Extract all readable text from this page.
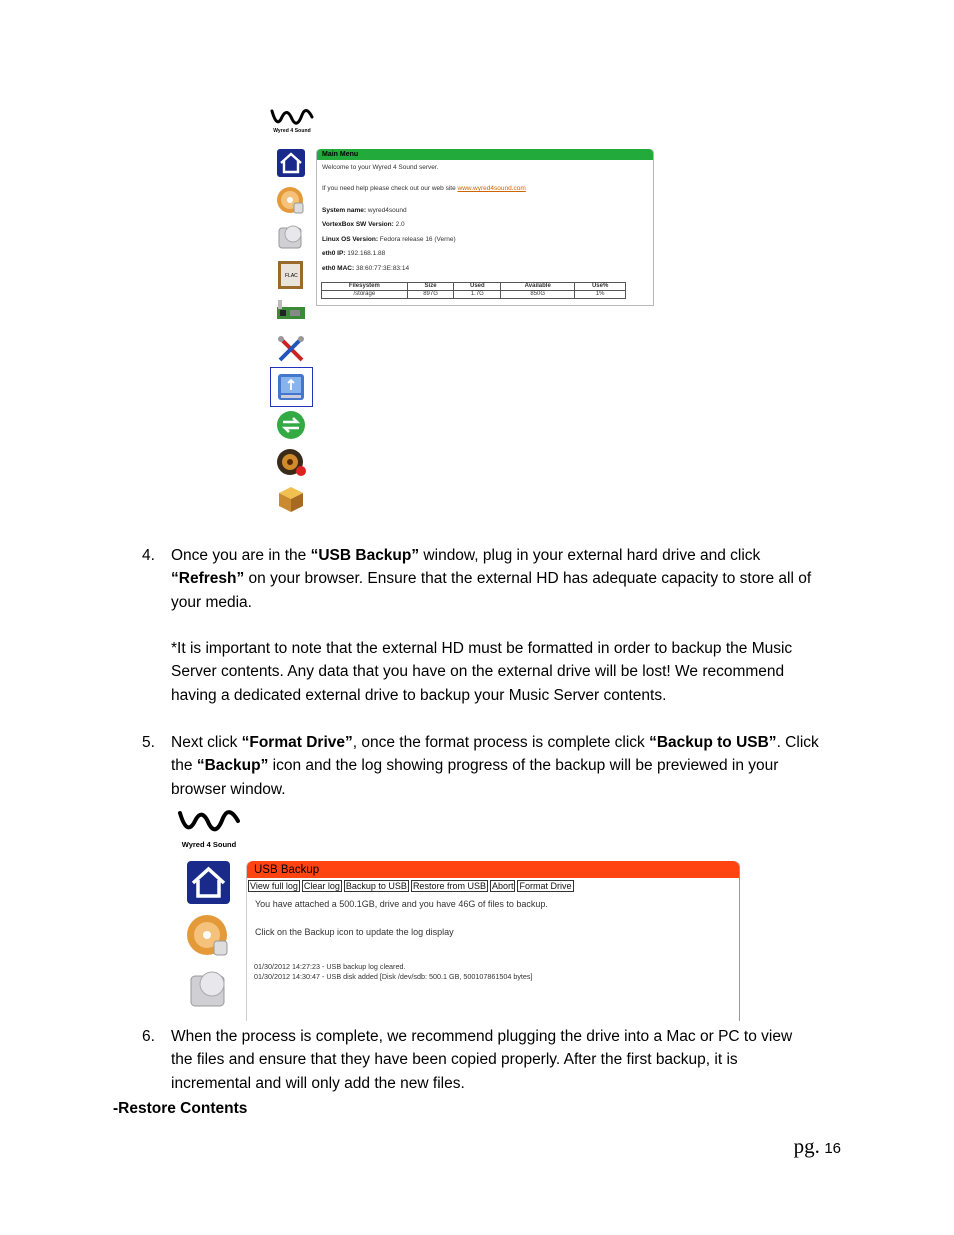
Wyred 4 Sound
FLAC
Main Menu
Welcome to your Wyred 4 Sound server.
If you need help please check out our web site www.wyred4sound.com
System name: wyred4sound
VortexBox SW Version: 2.0
Linux OS Version: Fedora release 16 (Verne)
eth0 IP: 192.168.1.88
eth0 MAC: 38:60:77:3E:83:14
Filesystem	Size	Used	Available	Use%
/storage	897G	1.7G	850G	1%
4. Once you are in the “USB Backup” window, plug in your external hard drive and click
“Refresh” on your browser. Ensure that the external HD has adequate capacity to store all of
your media.
*It is important to note that the external HD must be formatted in order to backup the Music
Server contents. Any data that you have on the external drive will be lost! We recommend
having a dedicated external drive to backup your Music Server contents.
5. Next click “Format Drive”, once the format process is complete click “Backup to USB”. Click
the “Backup” icon and the log showing progress of the backup will be previewed in your
browser window.
Wyred 4 Sound
USB Backup
View full log Clear log Backup to USB Restore from USB Abort Format Drive
You have attached a 500.1GB, drive and you have 46G of files to backup.
Click on the Backup icon to update the log display
01/30/2012 14:27:23 - USB backup log cleared.
01/30/2012 14:30:47 - USB disk added [Disk /dev/sdb: 500.1 GB, 500107861504 bytes]
6. When the process is complete, we recommend plugging the drive into a Mac or PC to view
the files and ensure that they have been copied properly. After the first backup, it is
incremental and will only add the new files.
-Restore Contents
pg. 16
